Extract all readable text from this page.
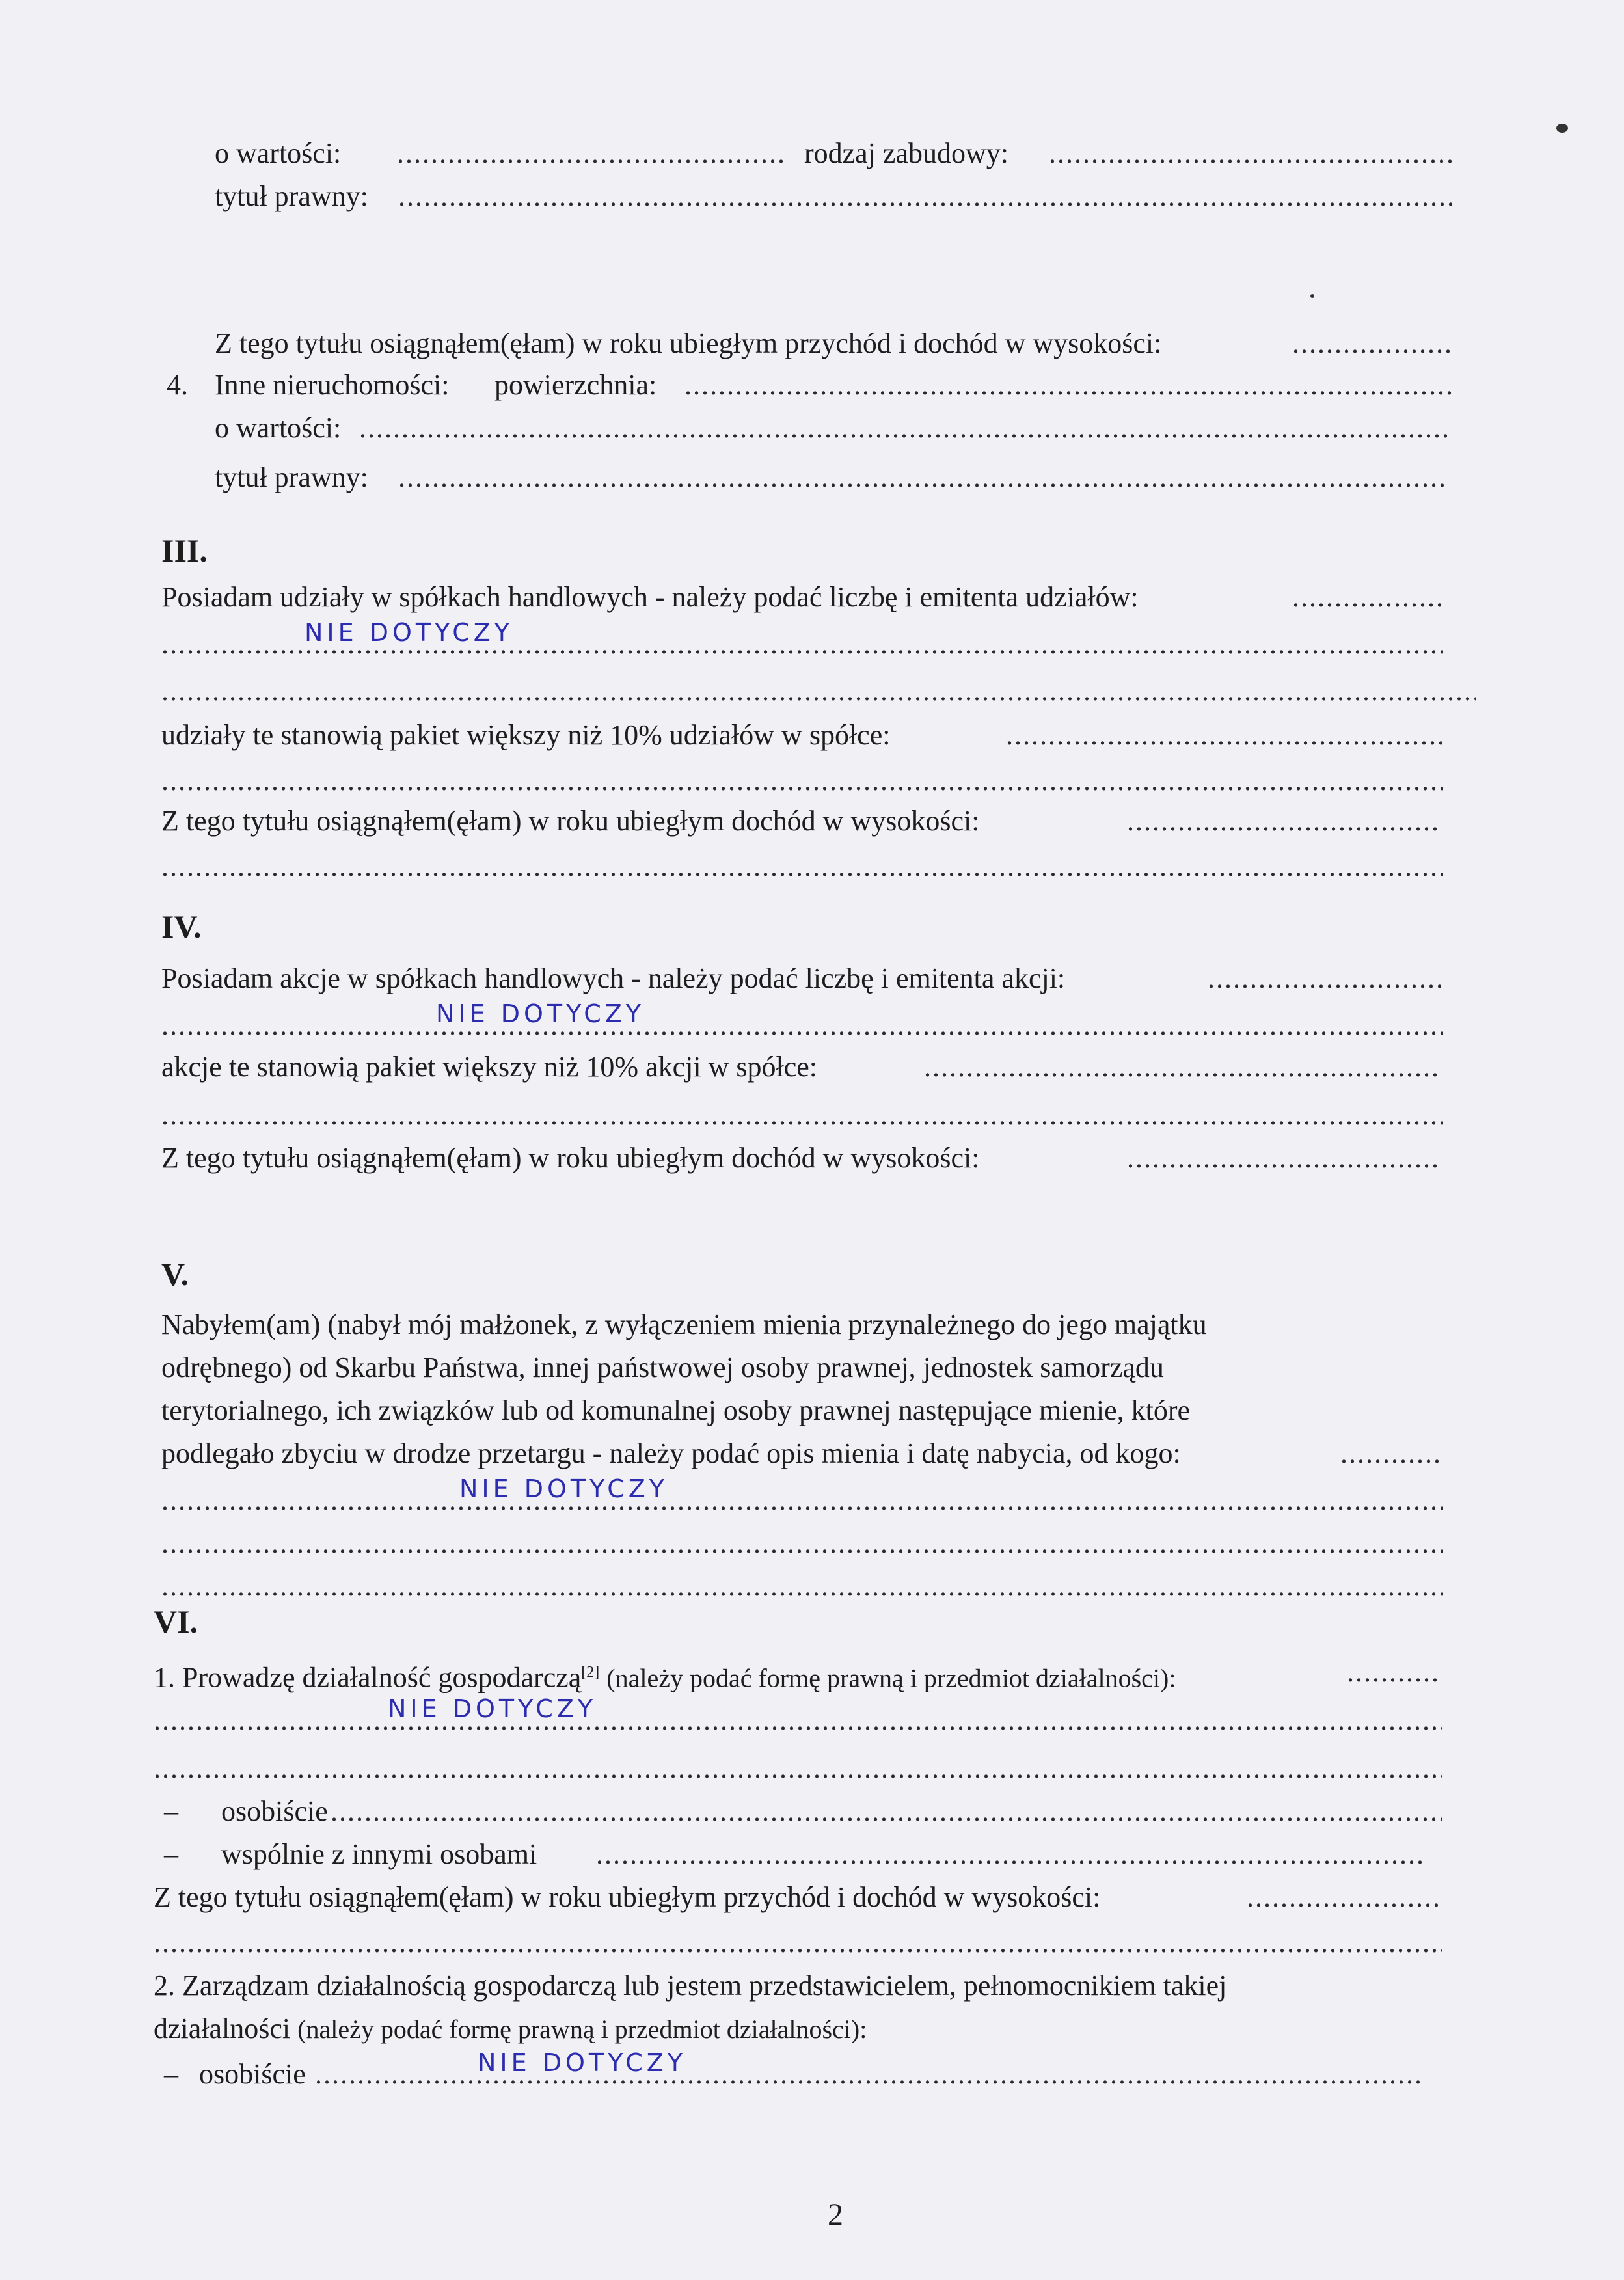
o wartości: .....	rodzaj zabudowy:
.....
tytuł prawny:
.....
Z tego tytułu osiągnąłem(ęłam) w roku ubiegłym przychód i dochód w wysokości:
.....
4. Inne nieruchomości: powierzchnia:
.....
o wartości:
.....
tytuł prawny:
.....
III.
Posiadam udziały w spółkach handlowych - należy podać liczbę i emitenta udziałów:
.....
.....
NIE DOTYCZY
.....
udziały te stanowią pakiet większy niż 10% udziałów w spółce:
.....
.....
Z tego tytułu osiągnąłem(ęłam) w roku ubiegłym dochód w wysokości:
.....
.....
IV.
Posiadam akcje w spółkach handlowych - należy podać liczbę i emitenta akcji:
.....
.....
NIE DOTYCZY
akcje te stanowią pakiet większy niż 10% akcji w spółce:
.....
.....
Z tego tytułu osiągnąłem(ęłam) w roku ubiegłym dochód w wysokości:
.....
V.
Nabyłem(am) (nabył mój małżonek, z wyłączeniem mienia przynależnego do jego majątku
odrębnego) od Skarbu Państwa, innej państwowej osoby prawnej, jednostek samorządu
terytorialnego, ich związków lub od komunalnej osoby prawnej następujące mienie, które
podlegało zbyciu w drodze przetargu - należy podać opis mienia i datę nabycia, od kogo:
.....
.....
NIE DOTYCZY
.....
.....
VI.
1. Prowadzę działalność gospodarczą[2] (należy podać formę prawną i przedmiot działalności):
.....
.....
NIE DOTYCZY
.....
– osobiście
.....
– wspólnie z innymi osobami
.....
Z tego tytułu osiągnąłem(ęłam) w roku ubiegłym przychód i dochód w wysokości:
.....
.....
2. Zarządzam działalnością gospodarczą lub jestem przedstawicielem, pełnomocnikiem takiej
działalności (należy podać formę prawną i przedmiot działalności):
– osobiście .....	NIE DOTYCZY
2
